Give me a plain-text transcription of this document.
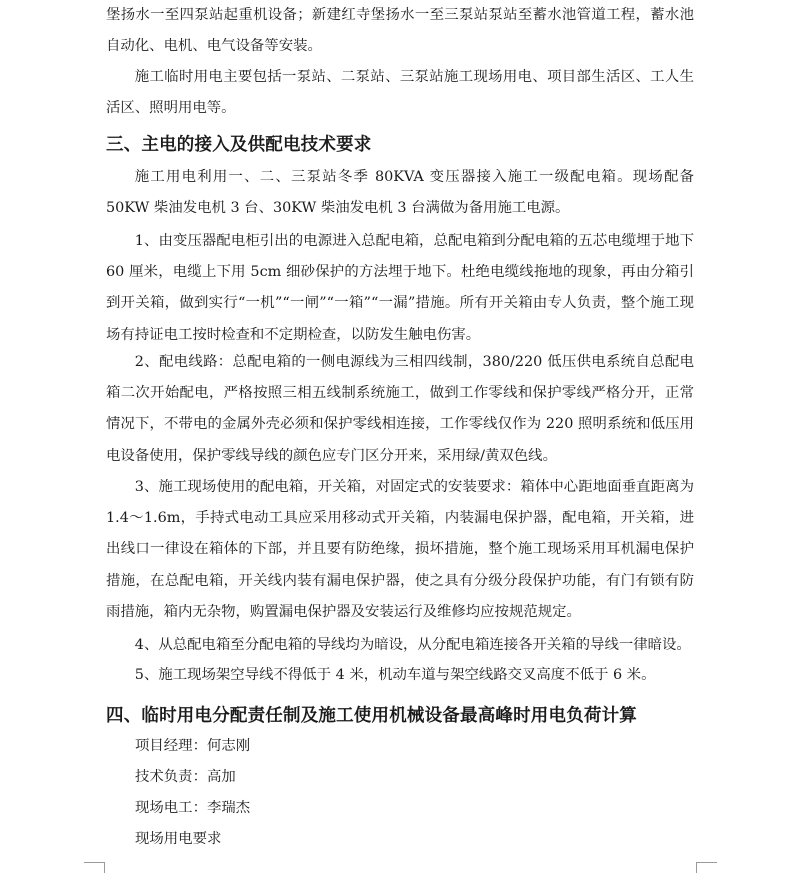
堡扬水一至四泵站起重机设备；新建红寺堡扬水一至三泵站泵站至蓄水池管道工程，蓄水池自动化、电机、电气设备等安装。

施工临时用电主要包括一泵站、二泵站、三泵站施工现场用电、项目部生活区、工人生活区、照明用电等。

三、主电的接入及供配电技术要求

施工用电利用一、二、三泵站冬季 80KVA 变压器接入施工一级配电箱。现场配备 50KW 柴油发电机 3 台、30KW 柴油发电机 3 台满做为备用施工电源。

1、由变压器配电柜引出的电源进入总配电箱，总配电箱到分配电箱的五芯电缆埋于地下 60 厘米，电缆上下用 5cm 细砂保护的方法埋于地下。杜绝电缆线拖地的现象，再由分箱引到开关箱，做到实行“一机”“一闸”“一箱”“一漏”措施。所有开关箱由专人负责，整个施工现场有持证电工按时检查和不定期检查，以防发生触电伤害。

2、配电线路：总配电箱的一侧电源线为三相四线制，380/220 低压供电系统自总配电箱二次开始配电，严格按照三相五线制系统施工，做到工作零线和保护零线严格分开，正常情况下，不带电的金属外壳必须和保护零线相连接，工作零线仅作为 220 照明系统和低压用电设备使用，保护零线导线的颜色应专门区分开来，采用绿/黄双色线。

3、施工现场使用的配电箱，开关箱，对固定式的安装要求：箱体中心距地面垂直距离为 1.4～1.6m，手持式电动工具应采用移动式开关箱，内装漏电保护器，配电箱，开关箱，进出线口一律设在箱体的下部，并且要有防绝缘，损坏措施，整个施工现场采用耳机漏电保护措施，在总配电箱，开关线内装有漏电保护器，使之具有分级分段保护功能，有门有锁有防雨措施，箱内无杂物，购置漏电保护器及安装运行及维修均应按规范规定。

4、从总配电箱至分配电箱的导线均为暗设，从分配电箱连接各开关箱的导线一律暗设。

5、施工现场架空导线不得低于 4 米，机动车道与架空线路交叉高度不低于 6 米。

四、临时用电分配责任制及施工使用机械设备最高峰时用电负荷计算

项目经理：何志刚

技术负责：高加

现场电工：李瑞杰

现场用电要求
